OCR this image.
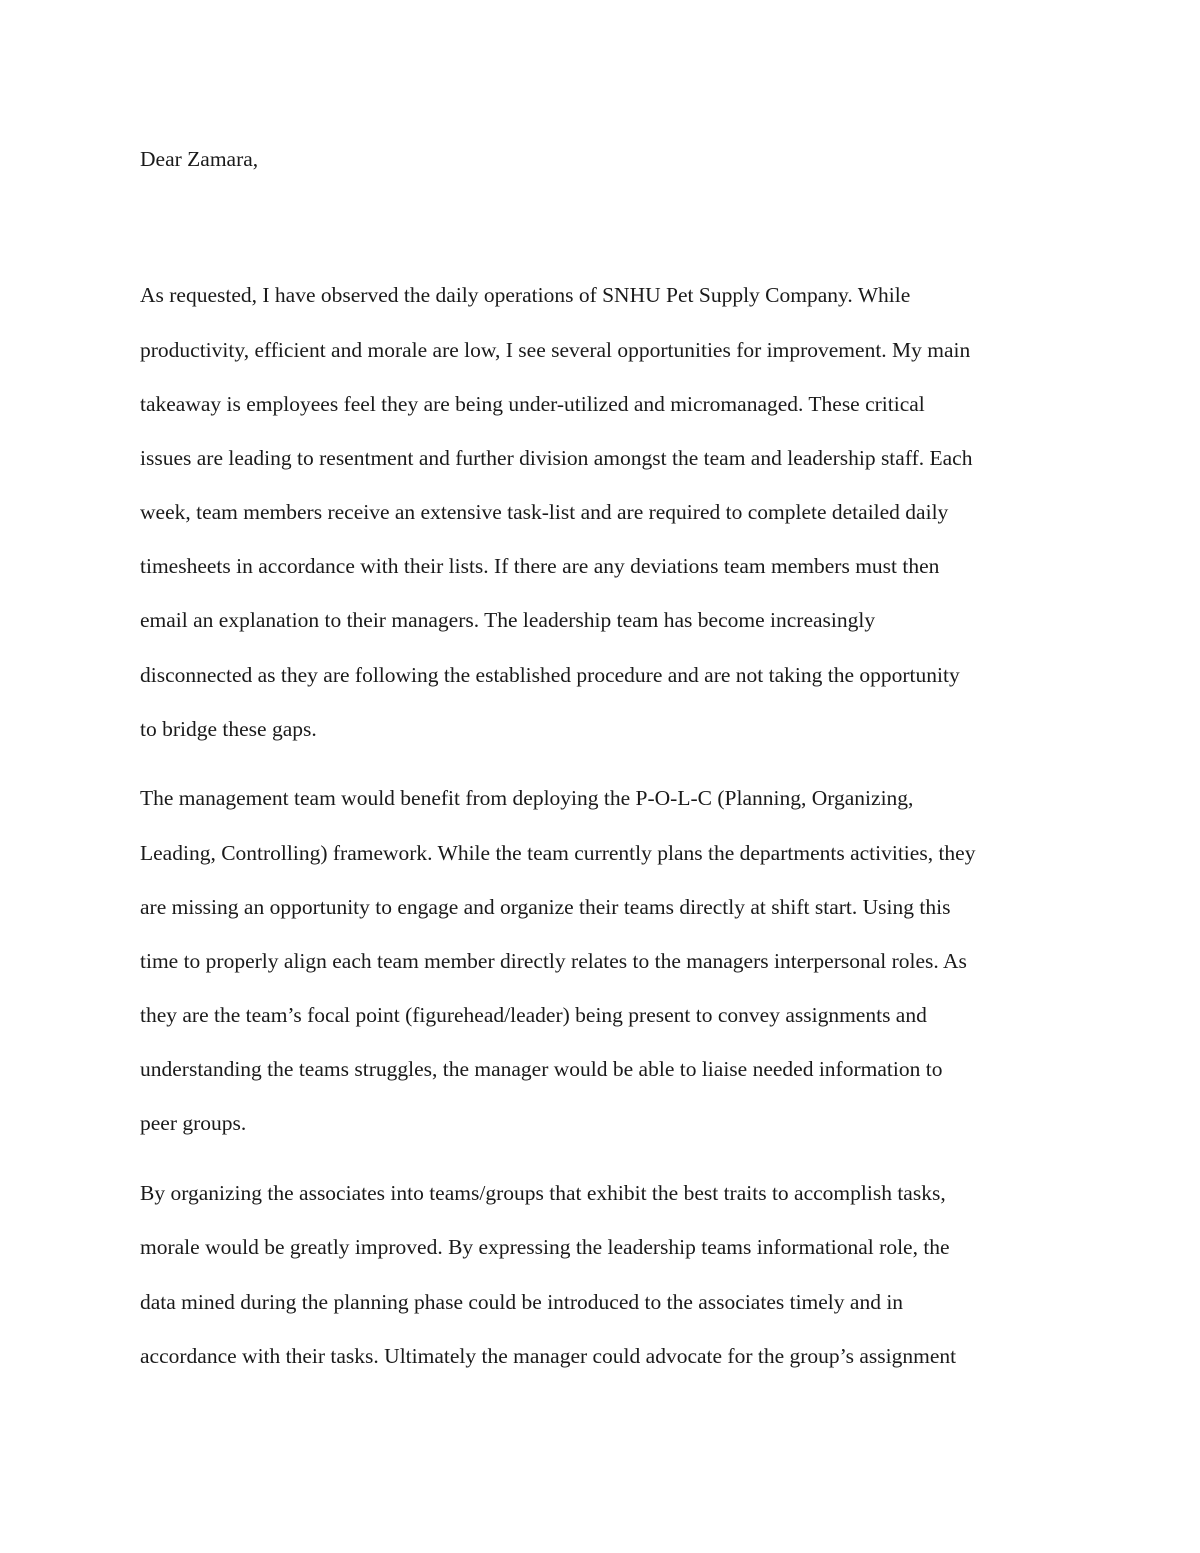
Dear Zamara,

As requested, I have observed the daily operations of SNHU Pet Supply Company. While

productivity, efficient and morale are low, I see several opportunities for improvement. My main

takeaway is employees feel they are being under-utilized and micromanaged. These critical

issues are leading to resentment and further division amongst the team and leadership staff. Each

week, team members receive an extensive task-list and are required to complete detailed daily

timesheets in accordance with their lists. If there are any deviations team members must then

email an explanation to their managers. The leadership team has become increasingly

disconnected as they are following the established procedure and are not taking the opportunity

to bridge these gaps.

The management team would benefit from deploying the P-O-L-C (Planning, Organizing,

Leading, Controlling) framework. While the team currently plans the departments activities, they

are missing an opportunity to engage and organize their teams directly at shift start. Using this

time to properly align each team member directly relates to the managers interpersonal roles. As

they are the team’s focal point (figurehead/leader) being present to convey assignments and

understanding the teams struggles, the manager would be able to liaise needed information to

peer groups.

By organizing the associates into teams/groups that exhibit the best traits to accomplish tasks,

morale would be greatly improved. By expressing the leadership teams informational role, the

data mined during the planning phase could be introduced to the associates timely and in

accordance with their tasks. Ultimately the manager could advocate for the group’s assignment
